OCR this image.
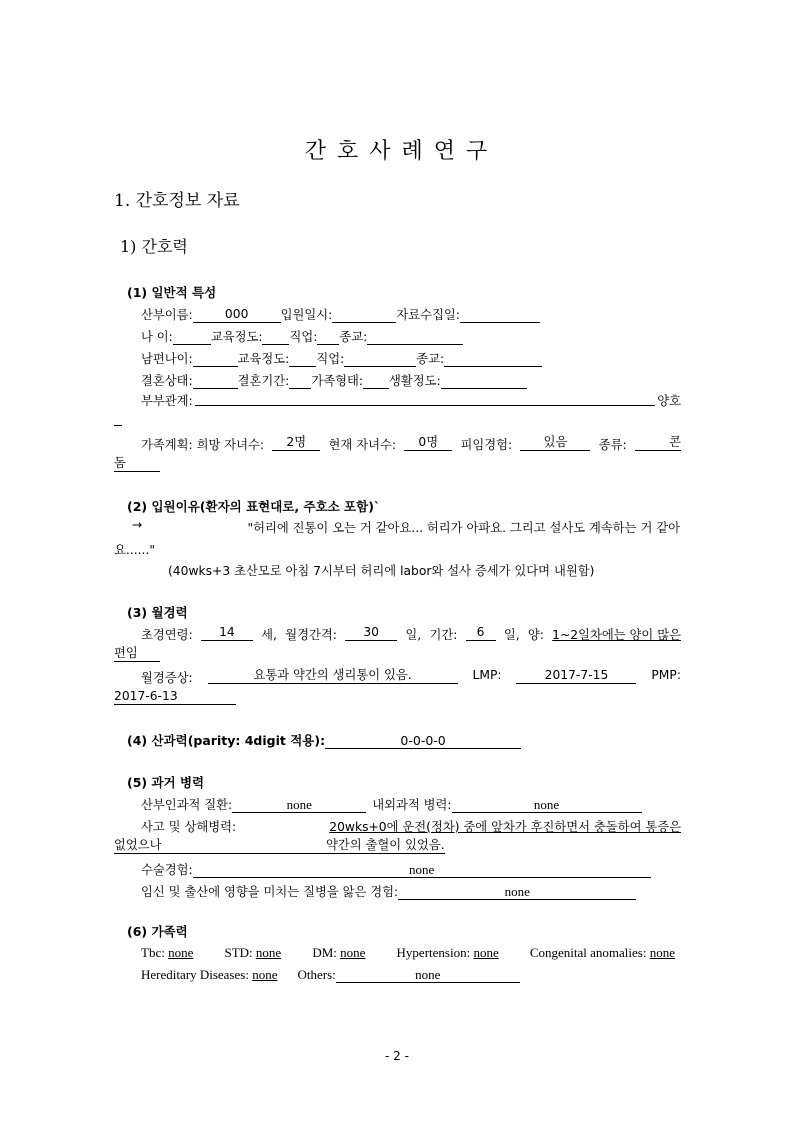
간 호 사 례 연 구
1. 간호정보 자료
1) 간호력
(1) 일반적 특성
산부이름:	000	입원일시:	자료수집일:
나 이:	교육정도: 직업: 종교:
남편나이:	교육정도: 직업:	종교:
결혼상태:	결혼기간: 가족형태: 생활정도:
부부관계:	양호
가족계획: 희망 자녀수:	2명	현재 자녀수:	0명	피임경험:	있음	종류:	콘
돔
(2) 입원이유(환자의 표현대로, 주호소 포함)`
→	"허리에 진통이 오는 거 같아요... 허리가 아파요. 그리고 설사도 계속하는 거 같아
요......"
(40wks+3 초산모로 아침 7시부터 허리에 labor와 설사 증세가 있다며 내원함)
(3) 월경력
초경연령:	14	세, 월경간격:	30	일, 기간:	6	일, 양: 1~2일차에는 양이 많은
편임
월경증상:	요통과 약간의 생리통이 있음.	LMP:	2017-7-15	PMP:
2017-6-13
(4) 산과력(parity: 4digit 적용):	0-0-0-0
(5) 과거 병력
산부인과적 질환:	none	내외과적 병력:	none
사고 및 상해병력:	20wks+0에 운전(정차) 중에 앞차가 후진하면서 충돌하여 통증은
없었으나	약간의 출혈이 있었음.
수술경험:	none
임신 및 출산에 영향을 미치는 질병을 앓은 경험:	none
(6) 가족력
Tbc: none STD: none DM: none Hypertension: none Congenital anomalies: none
Hereditary Diseases: none Others:	none
- 2 -
